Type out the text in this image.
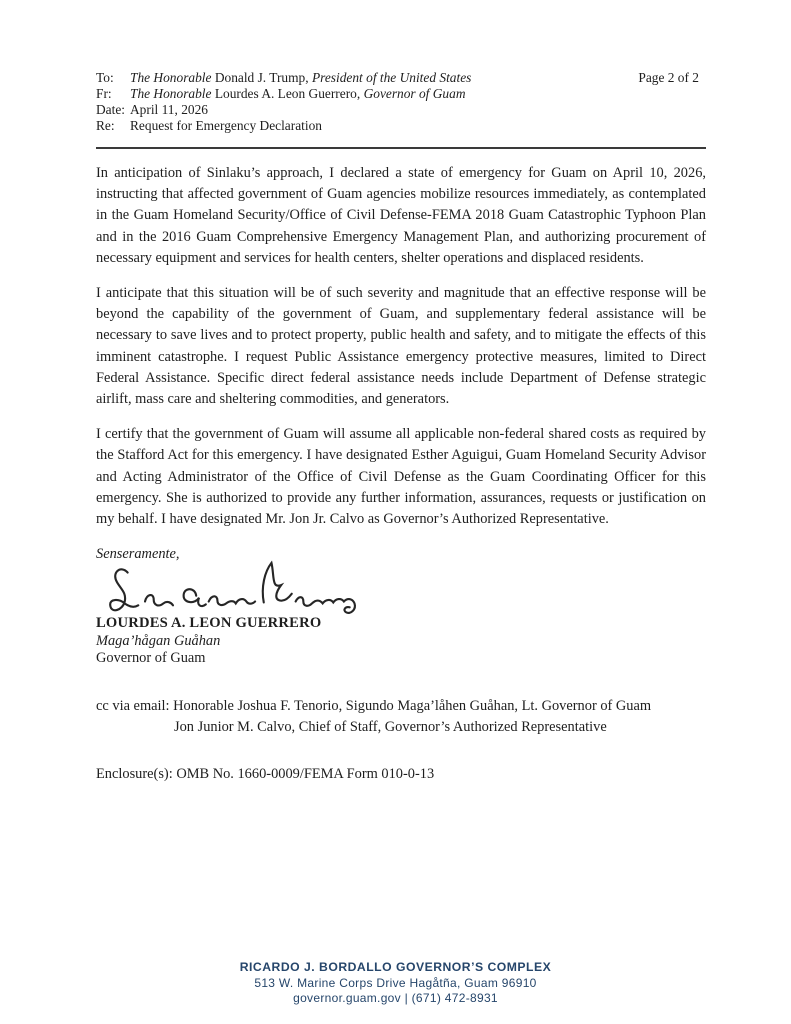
Page 2 of 2
To:	The Honorable Donald J. Trump, President of the United States
Fr:	The Honorable Lourdes A. Leon Guerrero, Governor of Guam
Date: April 11, 2026
Re:	Request for Emergency Declaration

In anticipation of Sinlaku’s approach, I declared a state of emergency for Guam on April 10, 2026, instructing that affected government of Guam agencies mobilize resources immediately, as contemplated in the Guam Homeland Security/Office of Civil Defense-FEMA 2018 Guam Catastrophic Typhoon Plan and in the 2016 Guam Comprehensive Emergency Management Plan, and authorizing procurement of necessary equipment and services for health centers, shelter operations and displaced residents.

I anticipate that this situation will be of such severity and magnitude that an effective response will be beyond the capability of the government of Guam, and supplementary federal assistance will be necessary to save lives and to protect property, public health and safety, and to mitigate the effects of this imminent catastrophe. I request Public Assistance emergency protective measures, limited to Direct Federal Assistance. Specific direct federal assistance needs include Department of Defense strategic airlift, mass care and sheltering commodities, and generators.

I certify that the government of Guam will assume all applicable non-federal shared costs as required by the Stafford Act for this emergency. I have designated Esther Aguigui, Guam Homeland Security Advisor and Acting Administrator of the Office of Civil Defense as the Guam Coordinating Officer for this emergency. She is authorized to provide any further information, assurances, requests or justification on my behalf. I have designated Mr. Jon Jr. Calvo as Governor’s Authorized Representative.

Senseramente,
LOURDES A. LEON GUERRERO
Maga’hågan Guåhan
Governor of Guam

cc via email: Honorable Joshua F. Tenorio, Sigundo Maga’låhen Guåhan, Lt. Governor of Guam
Jon Junior M. Calvo, Chief of Staff, Governor’s Authorized Representative

Enclosure(s): OMB No. 1660-0009/FEMA Form 010-0-13

RICARDO J. BORDALLO GOVERNOR’S COMPLEX
513 W. Marine Corps Drive Hagåtña, Guam 96910
governor.guam.gov | (671) 472-8931
